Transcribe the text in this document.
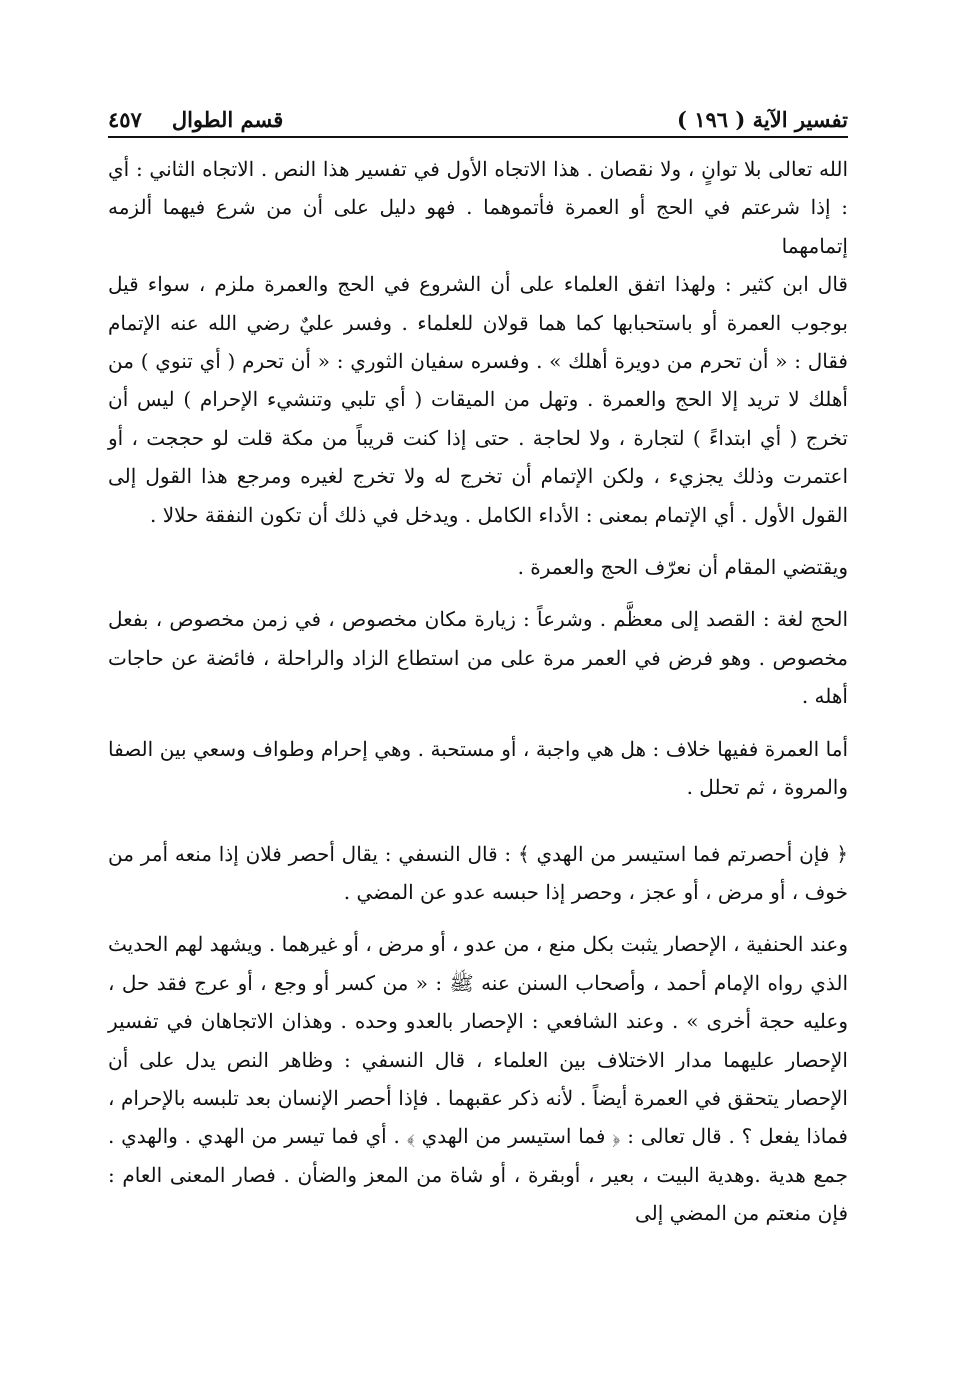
تفسير الآية ( ١٩٦ )
قسم الطوال
٤٥٧

الله تعالى بلا توانٍ ، ولا نقصان . هذا الاتجاه الأول في تفسير هذا النص . الاتجاه الثاني : أي : إذا شرعتم في الحج أو العمرة فأتموهما . فهو دليل على أن من شرع فيهما ألزمه إتمامهما

قال ابن كثير : ولهذا اتفق العلماء على أن الشروع في الحج والعمرة ملزم ، سواء قيل بوجوب العمرة أو باستحبابها كما هما قولان للعلماء . وفسر عليٌ رضي الله عنه الإتمام فقال : « أن تحرم من دويرة أهلك » . وفسره سفيان الثوري : « أن تحرم ( أي تنوي ) من أهلك لا تريد إلا الحج والعمرة . وتهل من الميقات ( أي تلبي وتنشيء الإحرام ) ليس أن تخرج ( أي ابتداءً ) لتجارة ، ولا لحاجة . حتى إذا كنت قريباً من مكة قلت لو حججت ، أو اعتمرت وذلك يجزيء ، ولكن الإتمام أن تخرج له ولا تخرج لغيره ومرجع هذا القول إلى القول الأول . أي الإتمام بمعنى : الأداء الكامل . ويدخل في ذلك أن تكون النفقة حلالا .

ويقتضي المقام أن نعرّف الحج والعمرة .

الحج لغة : القصد إلى معظَّم . وشرعاً : زيارة مكان مخصوص ، في زمن مخصوص ، بفعل مخصوص . وهو فرض في العمر مرة على من استطاع الزاد والراحلة ، فائضة عن حاجات أهله .

أما العمرة ففيها خلاف : هل هي واجبة ، أو مستحبة . وهي إحرام وطواف وسعي بين الصفا والمروة ، ثم تحلل .

﴿ فإن أحصرتم فما استيسر من الهدي ﴾ : قال النسفي : يقال أحصر فلان إذا منعه أمر من خوف ، أو مرض ، أو عجز ، وحصر إذا حبسه عدو عن المضي .

وعند الحنفية ، الإحصار يثبت بكل منع ، من عدو ، أو مرض ، أو غيرهما . ويشهد لهم الحديث الذي رواه الإمام أحمد ، وأصحاب السنن عنه ﷺ : « من كسر أو وجع ، أو عرج فقد حل ، وعليه حجة أخرى » . وعند الشافعي : الإحصار بالعدو وحده . وهذان الاتجاهان في تفسير الإحصار عليهما مدار الاختلاف بين العلماء ، قال النسفي : وظاهر النص يدل على أن الإحصار يتحقق في العمرة أيضاً . لأنه ذكر عقبهما . فإذا أحصر الإنسان بعد تلبسه بالإحرام ، فماذا يفعل ؟ . قال تعالى : ﴿ فما استيسر من الهدي ﴾ . أي فما تيسر من الهدي . والهدي . جمع هدية .وهدية البيت ، بعير ، أوبقرة ، أو شاة من المعز والضأن . فصار المعنى العام : فإن منعتم من المضي إلى
